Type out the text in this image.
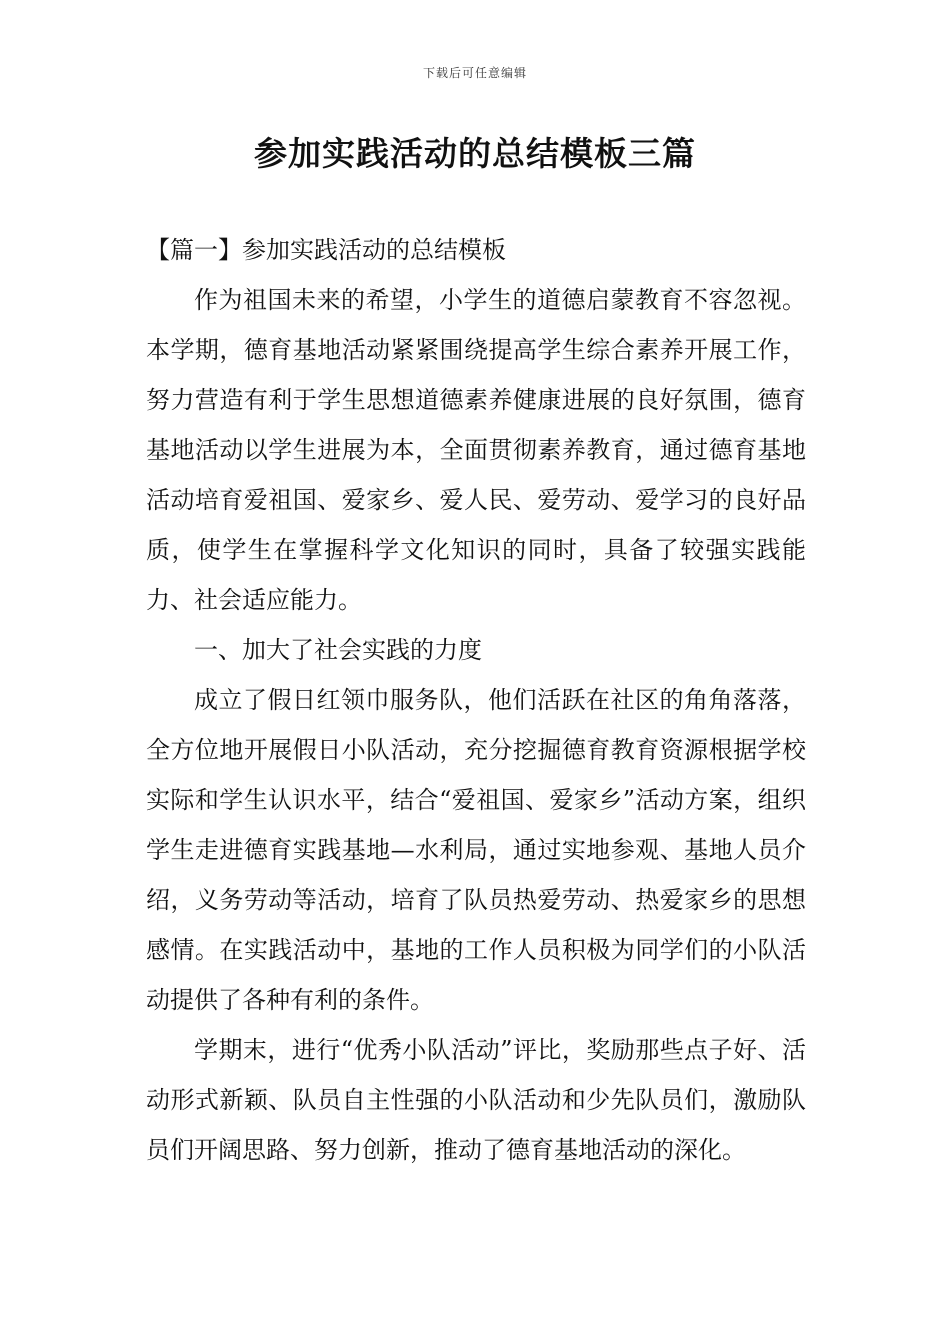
下载后可任意编辑
参加实践活动的总结模板三篇

【篇一】参加实践活动的总结模板

作为祖国未来的希望，小学生的道德启蒙教育不容忽视。本学期，德育基地活动紧紧围绕提高学生综合素养开展工作，努力营造有利于学生思想道德素养健康进展的良好氛围，德育基地活动以学生进展为本，全面贯彻素养教育，通过德育基地活动培育爱祖国、爱家乡、爱人民、爱劳动、爱学习的良好品质，使学生在掌握科学文化知识的同时，具备了较强实践能力、社会适应能力。

一、加大了社会实践的力度

成立了假日红领巾服务队，他们活跃在社区的角角落落，全方位地开展假日小队活动，充分挖掘德育教育资源根据学校实际和学生认识水平，结合“爱祖国、爱家乡”活动方案，组织学生走进德育实践基地—水利局，通过实地参观、基地人员介绍，义务劳动等活动，培育了队员热爱劳动、热爱家乡的思想感情。在实践活动中，基地的工作人员积极为同学们的小队活动提供了各种有利的条件。

学期末，进行“优秀小队活动”评比，奖励那些点子好、活动形式新颖、队员自主性强的小队活动和少先队员们，激励队员们开阔思路、努力创新，推动了德育基地活动的深化。
